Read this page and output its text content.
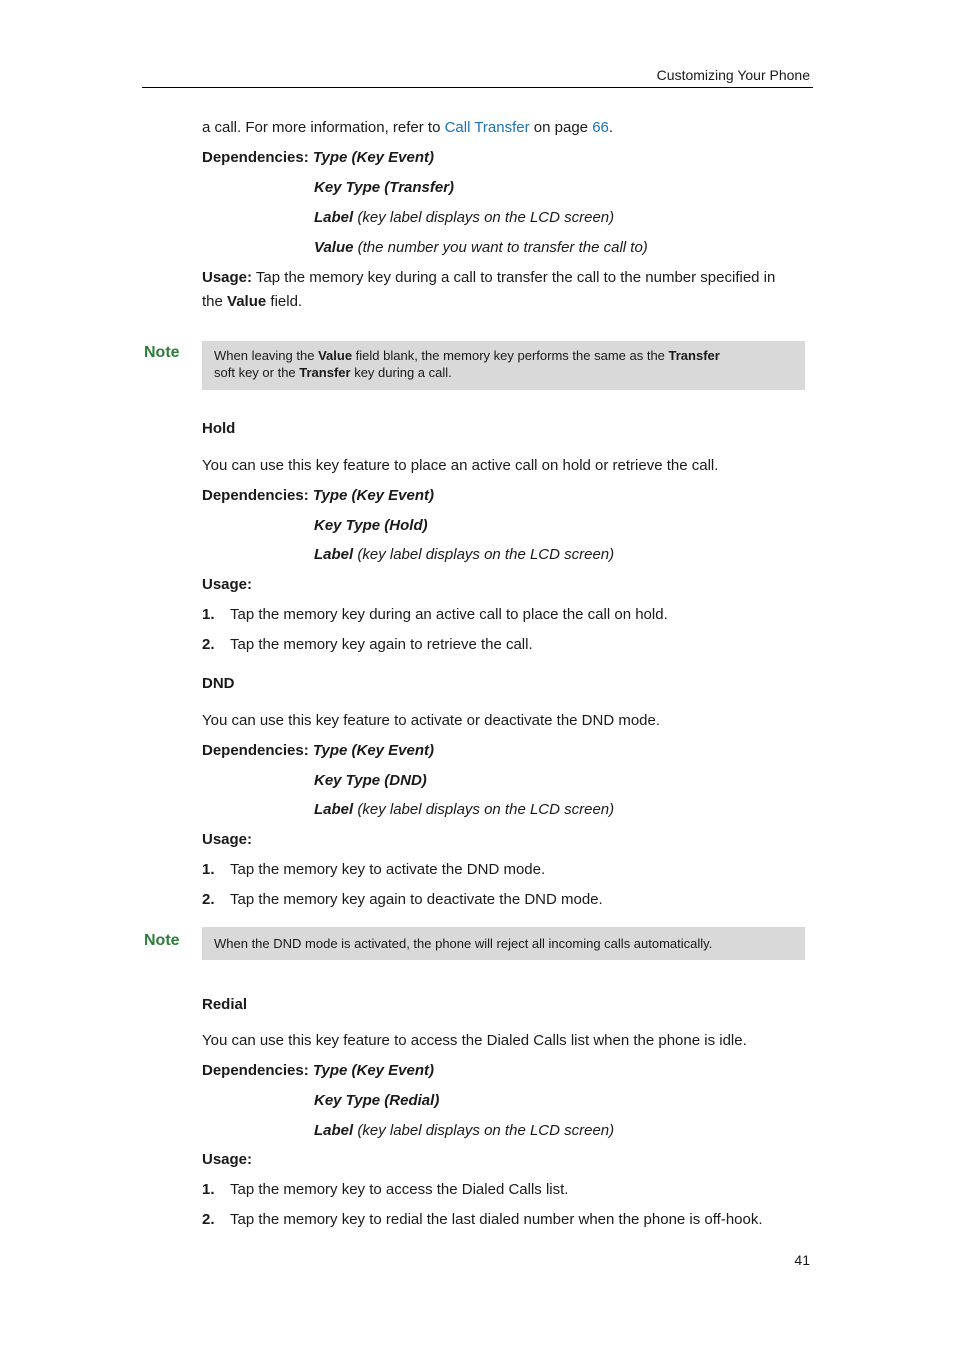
Customizing Your Phone
a call. For more information, refer to Call Transfer on page 66.
Dependencies: Type (Key Event)
Key Type (Transfer)
Label (key label displays on the LCD screen)
Value (the number you want to transfer the call to)
Usage: Tap the memory key during a call to transfer the call to the number specified in
the Value field.
Note	When leaving the Value field blank, the memory key performs the same as the Transfer
soft key or the Transfer key during a call.
Hold
You can use this key feature to place an active call on hold or retrieve the call.
Dependencies: Type (Key Event)
Key Type (Hold)
Label (key label displays on the LCD screen)
Usage:
1. Tap the memory key during an active call to place the call on hold.
2. Tap the memory key again to retrieve the call.
DND
You can use this key feature to activate or deactivate the DND mode.
Dependencies: Type (Key Event)
Key Type (DND)
Label (key label displays on the LCD screen)
Usage:
1. Tap the memory key to activate the DND mode.
2. Tap the memory key again to deactivate the DND mode.
Note	When the DND mode is activated, the phone will reject all incoming calls automatically.
Redial
You can use this key feature to access the Dialed Calls list when the phone is idle.
Dependencies: Type (Key Event)
Key Type (Redial)
Label (key label displays on the LCD screen)
Usage:
1. Tap the memory key to access the Dialed Calls list.
2. Tap the memory key to redial the last dialed number when the phone is off-hook.
41
